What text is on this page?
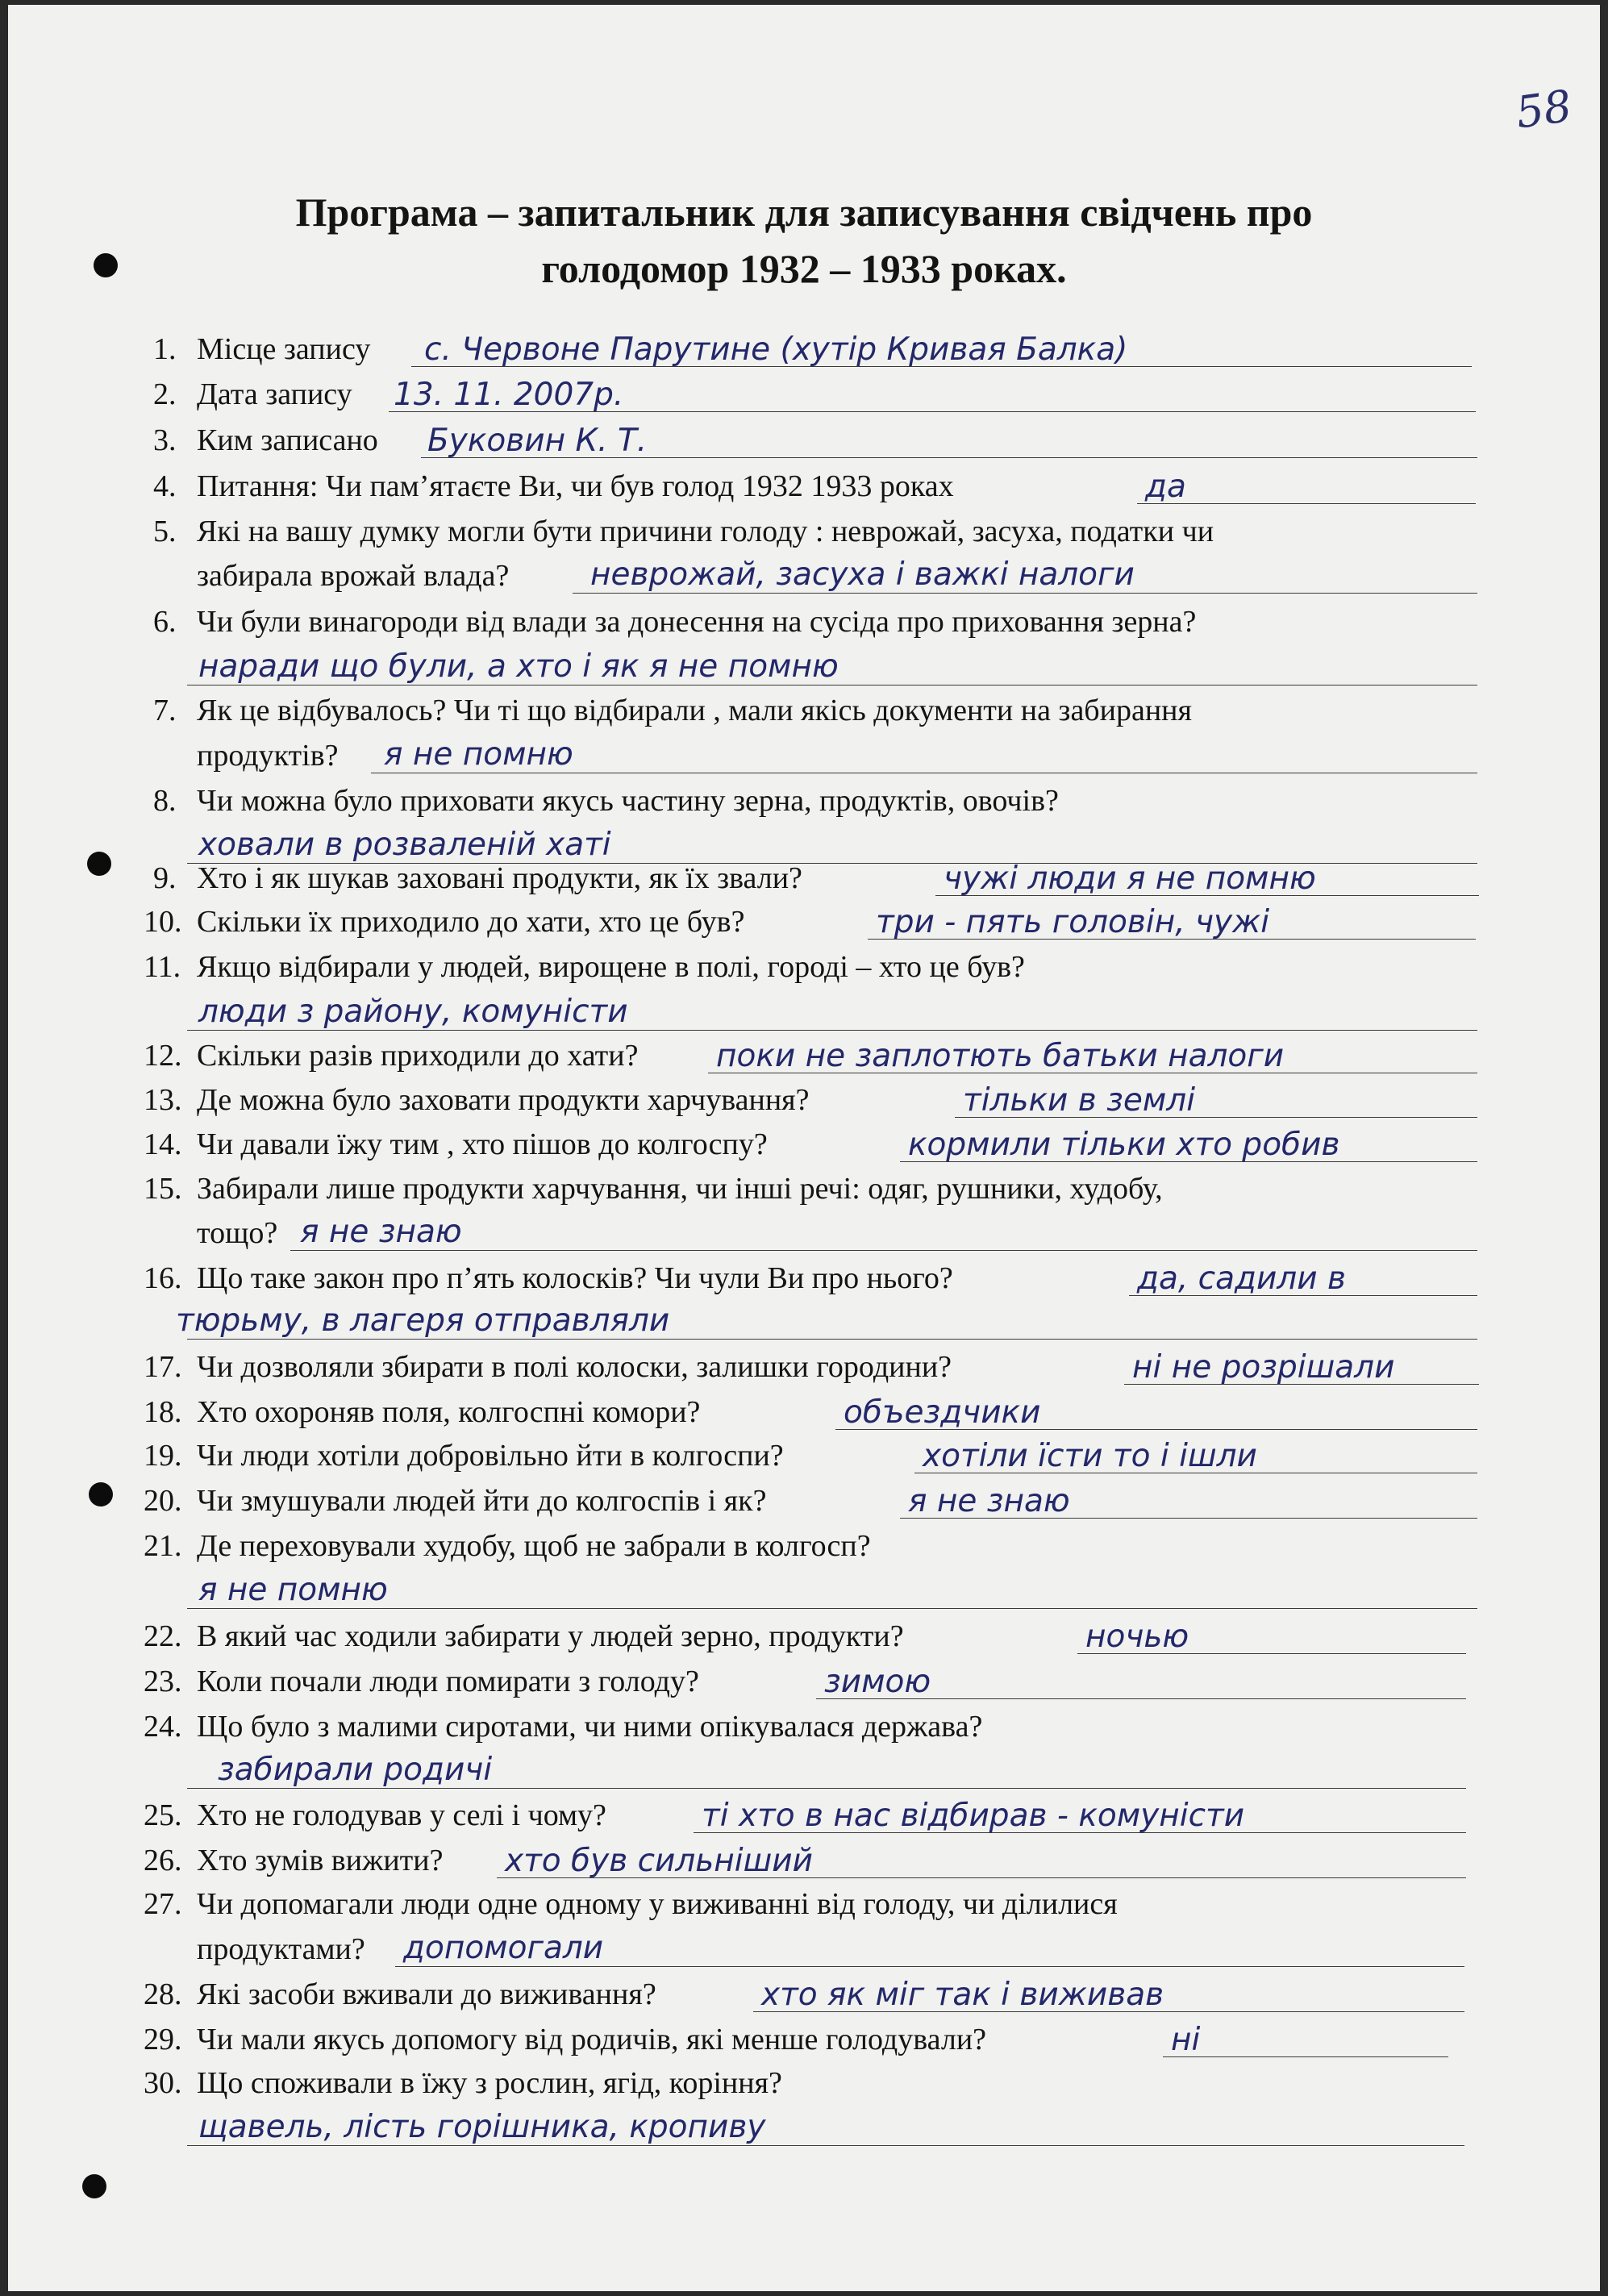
58
Програма – запитальник для записування свідчень про
голодомор 1932 – 1933 роках.
1. Місце запису с. Червоне Парутине (хутір Кривая Балка)
2. Дата запису 13. 11. 2007р.
3. Ким записано Буковин К. Т.
4. Питання: Чи пам’ятаєте Ви, чи був голод 1932 1933 роках	да
5. Які на вашу думку могли бути причини голоду : неврожай, засуха, податки чи
забирала врожай влада?	неврожай, засуха і важкі налоги
6. Чи були винагороди від влади за донесення на сусіда про приховання зерна?
наради що були, а хто і як я не помню
7. Як це відбувалось? Чи ті що відбирали , мали якісь документи на забирання
продуктів? я не помню
8. Чи можна було приховати якусь частину зерна, продуктів, овочів?
ховали в розваленій хаті
9. Хто і як шукав заховані продукти, як їх звали?	чужі люди я не помню
10. Скільки їх приходило до хати, хто це був?	три - пять головін, чужі
11. Якщо відбирали у людей, вирощене в полі, городі – хто це був?
люди з району, комуністи
12. Скільки разів приходили до хати? поки не заплотють батьки налоги
13. Де можна було заховати продукти харчування?	тільки в землі
14. Чи давали їжу тим , хто пішов до колгоспу?	кормили тільки хто робив
15. Забирали лише продукти харчування, чи інші речі: одяг, рушники, худобу,
тощо? я не знаю
16. Що таке закон про п’ять колосків? Чи чули Ви про нього?	да, садили в
тюрьму, в лагеря отправляли
17. Чи дозволяли збирати в полі колоски, залишки городини?	ні не розрішали
18. Хто охороняв поля, колгоспні комори?	объездчики
19. Чи люди хотіли добровільно йти в колгоспи?	хотіли їсти то і ішли
20. Чи змушували людей йти до колгоспів і як?	я не знаю
21. Де переховували худобу, щоб не забрали в колгосп?
я не помню
22. В який час ходили забирати у людей зерно, продукти?	ночью
23. Коли почали люди помирати з голоду?	зимою
24. Що було з малими сиротами, чи ними опікувалася держава?
забирали родичі
25. Хто не голодував у селі і чому?	ті хто в нас відбирав - комуністи
26. Хто зумів вижити? хто був сильніший
27. Чи допомагали люди одне одному у виживанні від голоду, чи ділилися
продуктами? допомогали
28. Які засоби вживали до виживання?	хто як міг так і виживав
29. Чи мали якусь допомогу від родичів, які менше голодували?	ні
30. Що споживали в їжу з рослин, ягід, коріння?
щавель, лість горішника, кропиву
